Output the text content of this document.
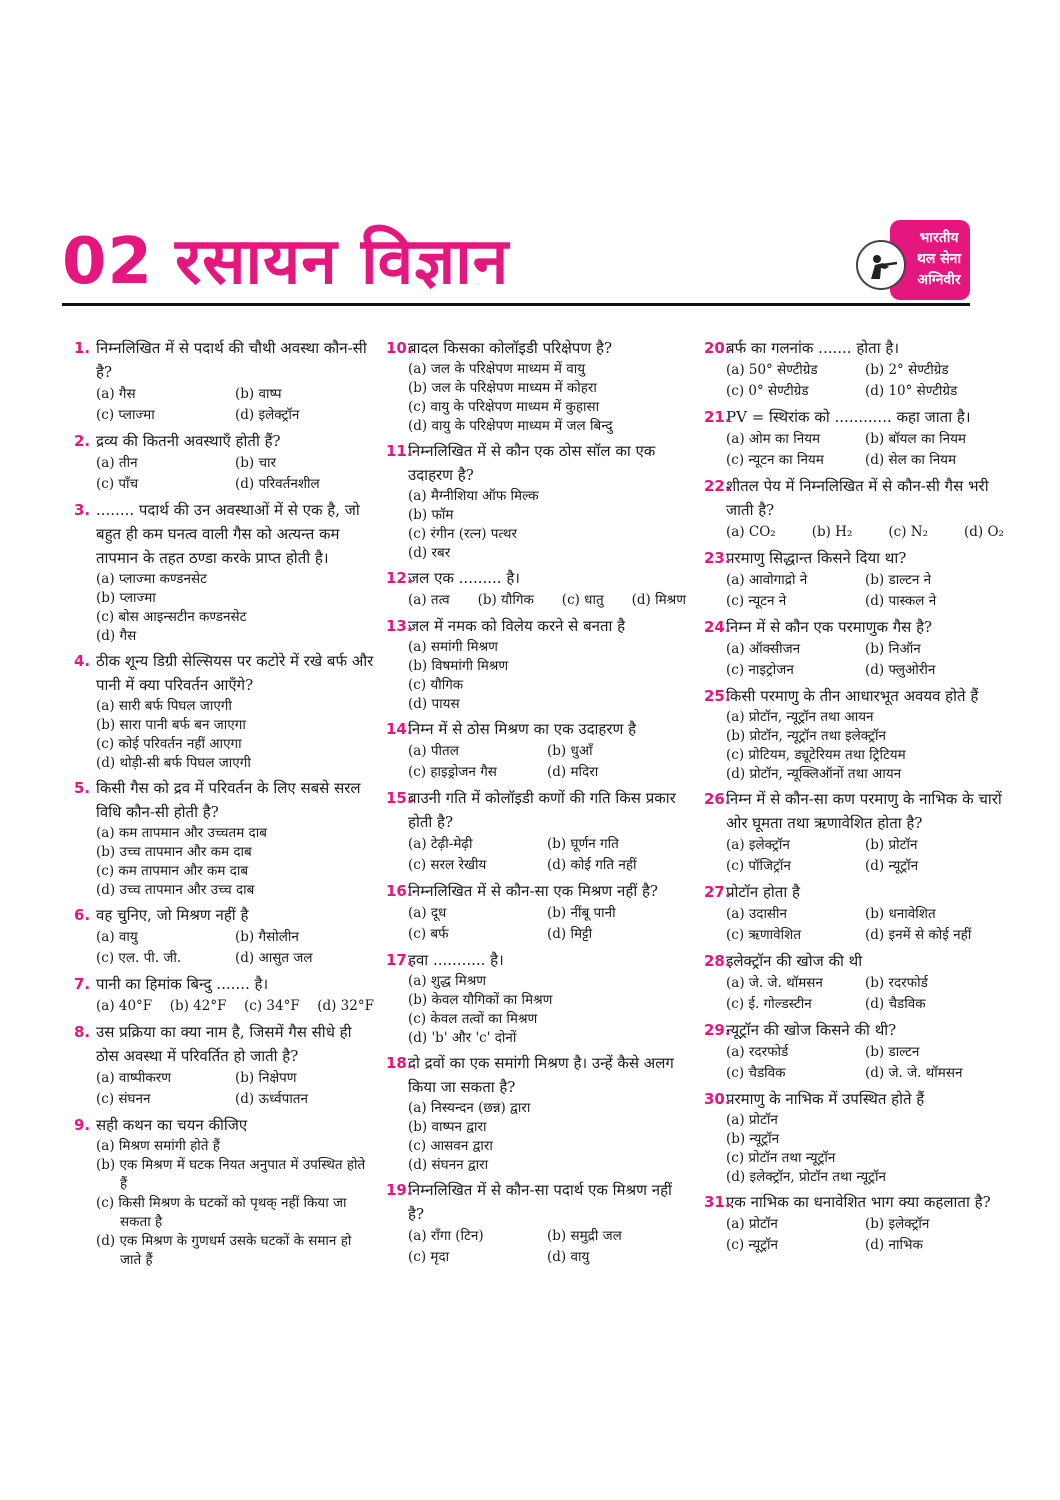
02 रसायन विज्ञान	भारतीय
थल सेना
अग्निवीर
1. निम्नलिखित में से पदार्थ की चौथी अवस्था कौन-सी है?
(a) गैस	(b) वाष्प
(c) प्लाज्मा	(d) इलेक्ट्रॉन
2. द्रव्य की कितनी अवस्थाएँ होती हैं?
(a) तीन	(b) चार
(c) पाँच	(d) परिवर्तनशील
3. ........ पदार्थ की उन अवस्थाओं में से एक है, जो बहुत ही कम घनत्व वाली गैस को अत्यन्त कम तापमान के तहत ठण्डा करके प्राप्त होती है।
(a) प्लाज्मा कण्डनसेट
(b) प्लाज्मा
(c) बोस आइन्सटीन कण्डनसेट
(d) गैस
4. ठीक शून्य डिग्री सेल्सियस पर कटोरे में रखे बर्फ और पानी में क्या परिवर्तन आएँगे?
(a) सारी बर्फ पिघल जाएगी
(b) सारा पानी बर्फ बन जाएगा
(c) कोई परिवर्तन नहीं आएगा
(d) थोड़ी-सी बर्फ पिघल जाएगी
5. किसी गैस को द्रव में परिवर्तन के लिए सबसे सरल विधि कौन-सी होती है?
(a) कम तापमान और उच्चतम दाब
(b) उच्च तापमान और कम दाब
(c) कम तापमान और कम दाब
(d) उच्च तापमान और उच्च दाब
6. वह चुनिए, जो मिश्रण नहीं है
(a) वायु	(b) गैसोलीन
(c) एल. पी. जी.	(d) आसुत जल
7. पानी का हिमांक बिन्दु ....... है।
(a) 40°F (b) 42°F (c) 34°F (d) 32°F
8. उस प्रक्रिया का क्या नाम है, जिसमें गैस सीधे ही ठोस अवस्था में परिवर्तित हो जाती है?
(a) वाष्पीकरण	(b) निक्षेपण
(c) संघनन	(d) ऊर्ध्वपातन
9. सही कथन का चयन कीजिए
(a) मिश्रण समांगी होते हैं
(b) एक मिश्रण में घटक नियत अनुपात में उपस्थित होते हैं
(c) किसी मिश्रण के घटकों को पृथक् नहीं किया जा सकता है
(d) एक मिश्रण के गुणधर्म उसके घटकों के समान हो जाते हैं
10.
बादल किसका कोलॉइडी परिक्षेपण है?
(a) जल के परिक्षेपण माध्यम में वायु
(b) जल के परिक्षेपण माध्यम में कोहरा
(c) वायु के परिक्षेपण माध्यम में कुहासा
(d) वायु के परिक्षेपण माध्यम में जल बिन्दु
11.
निम्नलिखित में से कौन एक ठोस सॉल का एक उदाहरण है?
(a) मैग्नीशिया ऑफ मिल्क
(b) फॉम
(c) रंगीन (रत्न) पत्थर
(d) रबर
12.
जल एक ......... है।
(a) तत्व (b) यौगिक (c) धातु (d) मिश्रण
13.
जल में नमक को विलेय करने से बनता है
(a) समांगी मिश्रण
(b) विषमांगी मिश्रण
(c) यौगिक
(d) पायस
14.
निम्न में से ठोस मिश्रण का एक उदाहरण है
(a) पीतल	(b) धुआँ
(c) हाइड्रोजन गैस	(d) मदिरा
15.
ब्राउनी गति में कोलॉइडी कणों की गति किस प्रकार होती है?
(a) टेढ़ी-मेढ़ी	(b) घूर्णन गति
(c) सरल रेखीय	(d) कोई गति नहीं
16.
निम्नलिखित में से कौन-सा एक मिश्रण नहीं है?
(a) दूध	(b) नींबू पानी
(c) बर्फ	(d) मिट्टी
17.
हवा ........... है।
(a) शुद्ध मिश्रण
(b) केवल यौगिकों का मिश्रण
(c) केवल तत्वों का मिश्रण
(d) 'b' और 'c' दोनों
18.
दो द्रवों का एक समांगी मिश्रण है। उन्हें कैसे अलग किया जा सकता है?
(a) निस्यन्दन (छन्न) द्वारा
(b) वाष्पन द्वारा
(c) आसवन द्वारा
(d) संघनन द्वारा
19.
निम्नलिखित में से कौन-सा पदार्थ एक मिश्रण नहीं है?
(a) राँगा (टिन)	(b) समुद्री जल
(c) मृदा	(d) वायु
20.
बर्फ का गलनांक ....... होता है।
(a) 50° सेण्टीग्रेड	(b) 2° सेण्टीग्रेड
(c) 0° सेण्टीग्रेड	(d) 10° सेण्टीग्रेड
21.
PV = स्थिरांक को ............ कहा जाता है।
(a) ओम का नियम	(b) बॉयल का नियम
(c) न्यूटन का नियम	(d) सेल का नियम
22.
शीतल पेय में निम्नलिखित में से कौन-सी गैस भरी जाती है?
(a) CO₂	(b) H₂	(c) N₂	(d) O₂
23.
परमाणु सिद्धान्त किसने दिया था?
(a) आवोगाद्रो ने	(b) डाल्टन ने
(c) न्यूटन ने	(d) पास्कल ने
24.
निम्न में से कौन एक परमाणुक गैस है?
(a) ऑक्सीजन	(b) निऑन
(c) नाइट्रोजन	(d) फ्लुओरीन
25.
किसी परमाणु के तीन आधारभूत अवयव होते हैं
(a) प्रोटॉन, न्यूट्रॉन तथा आयन
(b) प्रोटॉन, न्यूट्रॉन तथा इलेक्ट्रॉन
(c) प्रोटियम, ड्यूटेरियम तथा ट्रिटियम
(d) प्रोटॉन, न्यूक्लिऑनों तथा आयन
26.
निम्न में से कौन-सा कण परमाणु के नाभिक के चारों ओर घूमता तथा ऋणावेशित होता है?
(a) इलेक्ट्रॉन	(b) प्रोटॉन
(c) पॉजिट्रॉन	(d) न्यूट्रॉन
27.
प्रोटॉन होता है
(a) उदासीन	(b) धनावेशित
(c) ऋणावेशित	(d) इनमें से कोई नहीं
28.
इलेक्ट्रॉन की खोज की थी
(a) जे. जे. थॉमसन	(b) रदरफोर्ड
(c) ई. गोल्डस्टीन	(d) चैडविक
29.
न्यूट्रॉन की खोज किसने की थी?
(a) रदरफोर्ड	(b) डाल्टन
(c) चैडविक	(d) जे. जे. थॉमसन
30.
परमाणु के नाभिक में उपस्थित होते हैं
(a) प्रोटॉन
(b) न्यूट्रॉन
(c) प्रोटॉन तथा न्यूट्रॉन
(d) इलेक्ट्रॉन, प्रोटॉन तथा न्यूट्रॉन
31.
एक नाभिक का धनावेशित भाग क्या कहलाता है?
(a) प्रोटॉन	(b) इलेक्ट्रॉन
(c) न्यूट्रॉन	(d) नाभिक
